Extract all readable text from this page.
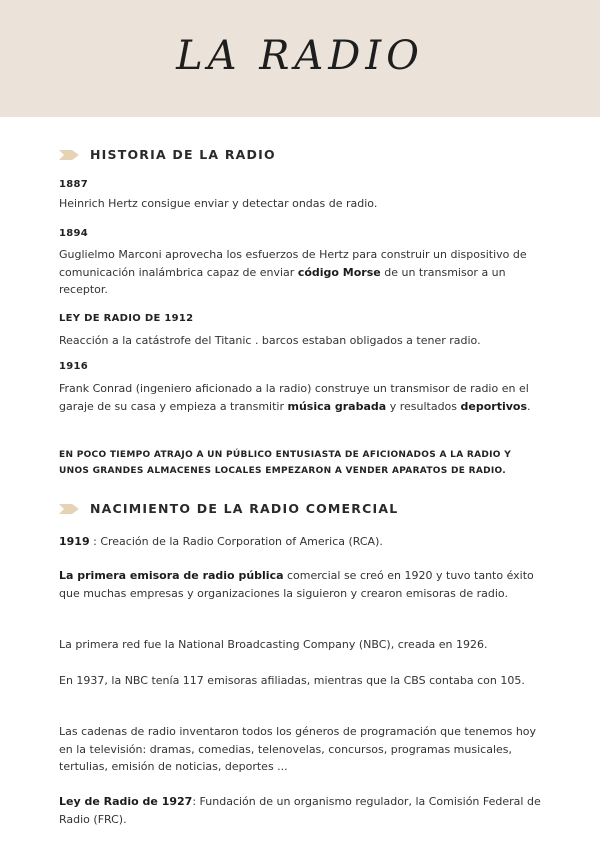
LA RADIO
HISTORIA DE LA RADIO
1887
Heinrich Hertz consigue enviar y detectar ondas de radio.
1894
Guglielmo Marconi aprovecha los esfuerzos de Hertz para construir un dispositivo de comunicación inalámbrica capaz de enviar código Morse de un transmisor a un receptor.
LEY DE RADIO DE 1912
Reacción a la catástrofe del Titanic . barcos estaban obligados a tener radio.
1916
Frank Conrad (ingeniero aficionado a la radio) construye un transmisor de radio en el garaje de su casa y empieza a transmitir música grabada y resultados deportivos.
EN POCO TIEMPO ATRAJO A UN PÚBLICO ENTUSIASTA DE AFICIONADOS A LA RADIO Y UNOS GRANDES ALMACENES LOCALES EMPEZARON A VENDER APARATOS DE RADIO.
NACIMIENTO DE LA RADIO COMERCIAL
1919 : Creación de la Radio Corporation of America (RCA).
La primera emisora de radio pública comercial se creó en 1920 y tuvo tanto éxito que muchas empresas y organizaciones la siguieron y crearon emisoras de radio.
La primera red fue la National Broadcasting Company (NBC), creada en 1926.
En 1937, la NBC tenía 117 emisoras afiliadas, mientras que la CBS contaba con 105.
Las cadenas de radio inventaron todos los géneros de programación que tenemos hoy en la televisión: dramas, comedias, telenovelas, concursos, programas musicales, tertulias, emisión de noticias, deportes ...
Ley de Radio de 1927: Fundación de un organismo regulador, la Comisión Federal de Radio (FRC).
